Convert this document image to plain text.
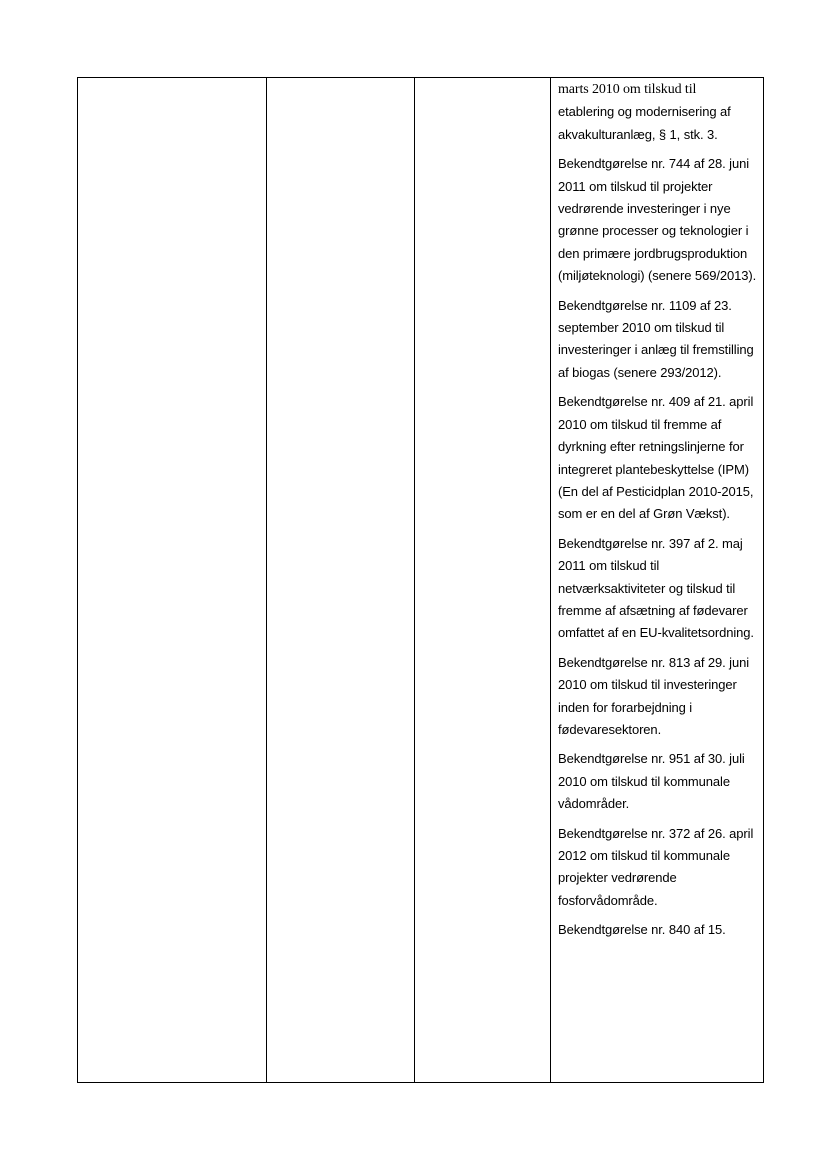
marts 2010 om tilskud til
etablering og modernisering af akvakulturanlæg, § 1, stk. 3.

Bekendtgørelse nr. 744 af 28. juni 2011 om tilskud til projekter vedrørende investeringer i nye grønne processer og teknologier i den primære jordbrugsproduktion (miljøteknologi) (senere 569/2013).

Bekendtgørelse nr. 1109 af 23. september 2010 om tilskud til investeringer i anlæg til fremstilling af biogas (senere 293/2012).

Bekendtgørelse nr. 409 af 21. april 2010 om tilskud til fremme af dyrkning efter retningslinjerne for integreret plantebeskyttelse (IPM) (En del af Pesticidplan 2010-2015, som er en del af Grøn Vækst).

Bekendtgørelse nr. 397 af 2. maj 2011 om tilskud til netværksaktiviteter og tilskud til fremme af afsætning af fødevarer omfattet af en EU-kvalitetsordning.

Bekendtgørelse nr. 813 af 29. juni 2010 om tilskud til investeringer inden for forarbejdning i fødevaresektoren.

Bekendtgørelse nr. 951 af 30. juli 2010 om tilskud til kommunale vådområder.

Bekendtgørelse nr. 372 af 26. april 2012 om tilskud til kommunale projekter vedrørende fosforvådområde.

Bekendtgørelse nr. 840 af 15.
